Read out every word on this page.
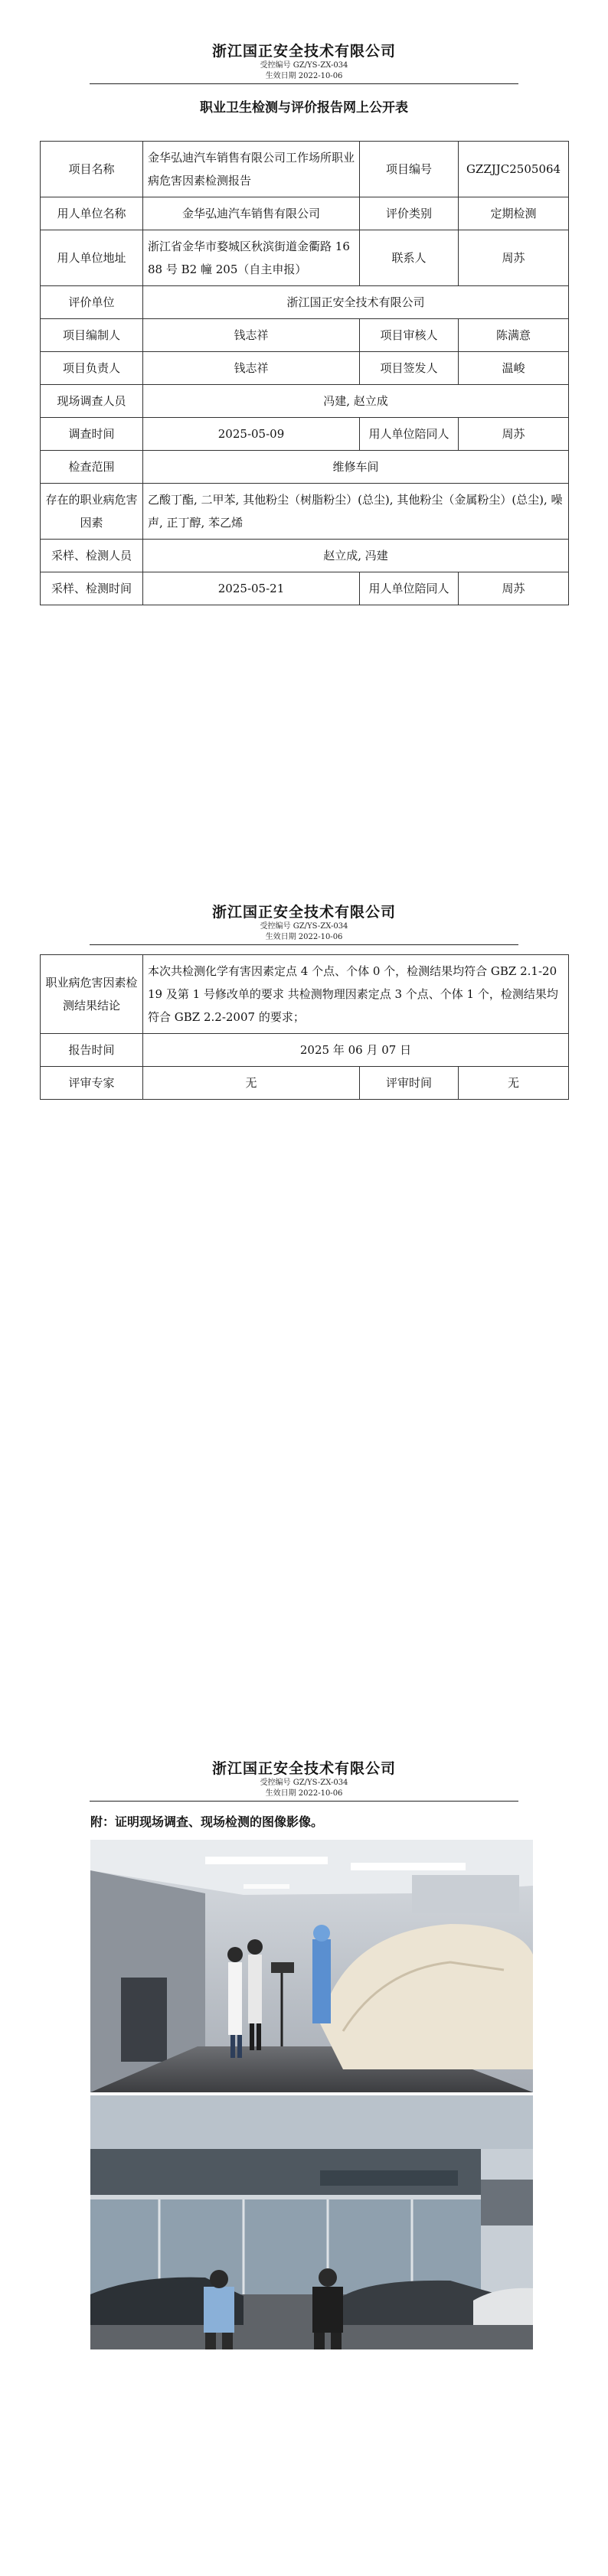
浙江国正安全技术有限公司
受控编号 GZ/YS-ZX-034
生效日期 2022-10-06
职业卫生检测与评价报告网上公开表
项目名称	金华弘迪汽车销售有限公司工作场所职业病危害因素检测报告	项目编号	GZZJJC2505064
用人单位名称	金华弘迪汽车销售有限公司	评价类别	定期检测
用人单位地址	浙江省金华市婺城区秋滨街道金衢路 1688 号 B2 幢 205（自主申报）	联系人	周苏
评价单位	浙江国正安全技术有限公司		
项目编制人	钱志祥	项目审核人	陈满意
项目负责人	钱志祥	项目签发人	温峻
现场调查人员	冯建, 赵立成		
调查时间	2025-05-09	用人单位陪同人	周苏
检查范围	维修车间		
存在的职业病危害因素	乙酸丁酯, 二甲苯, 其他粉尘（树脂粉尘）(总尘), 其他粉尘（金属粉尘）(总尘), 噪声, 正丁醇, 苯乙烯		
采样、检测人员	赵立成, 冯建		
采样、检测时间	2025-05-21	用人单位陪同人	周苏
浙江国正安全技术有限公司
受控编号 GZ/YS-ZX-034
生效日期 2022-10-06
职业病危害因素检测结果结论	本次共检测化学有害因素定点 4 个点、个体 0 个，检测结果均符合 GBZ 2.1-2019 及第 1 号修改单的要求 共检测物理因素定点 3 个点、个体 1 个，检测结果均符合 GBZ 2.2-2007 的要求；		
报告时间	2025 年 06 月 07 日		
评审专家	无	评审时间	无
浙江国正安全技术有限公司
受控编号 GZ/YS-ZX-034
生效日期 2022-10-06
附：证明现场调查、现场检测的图像影像。
